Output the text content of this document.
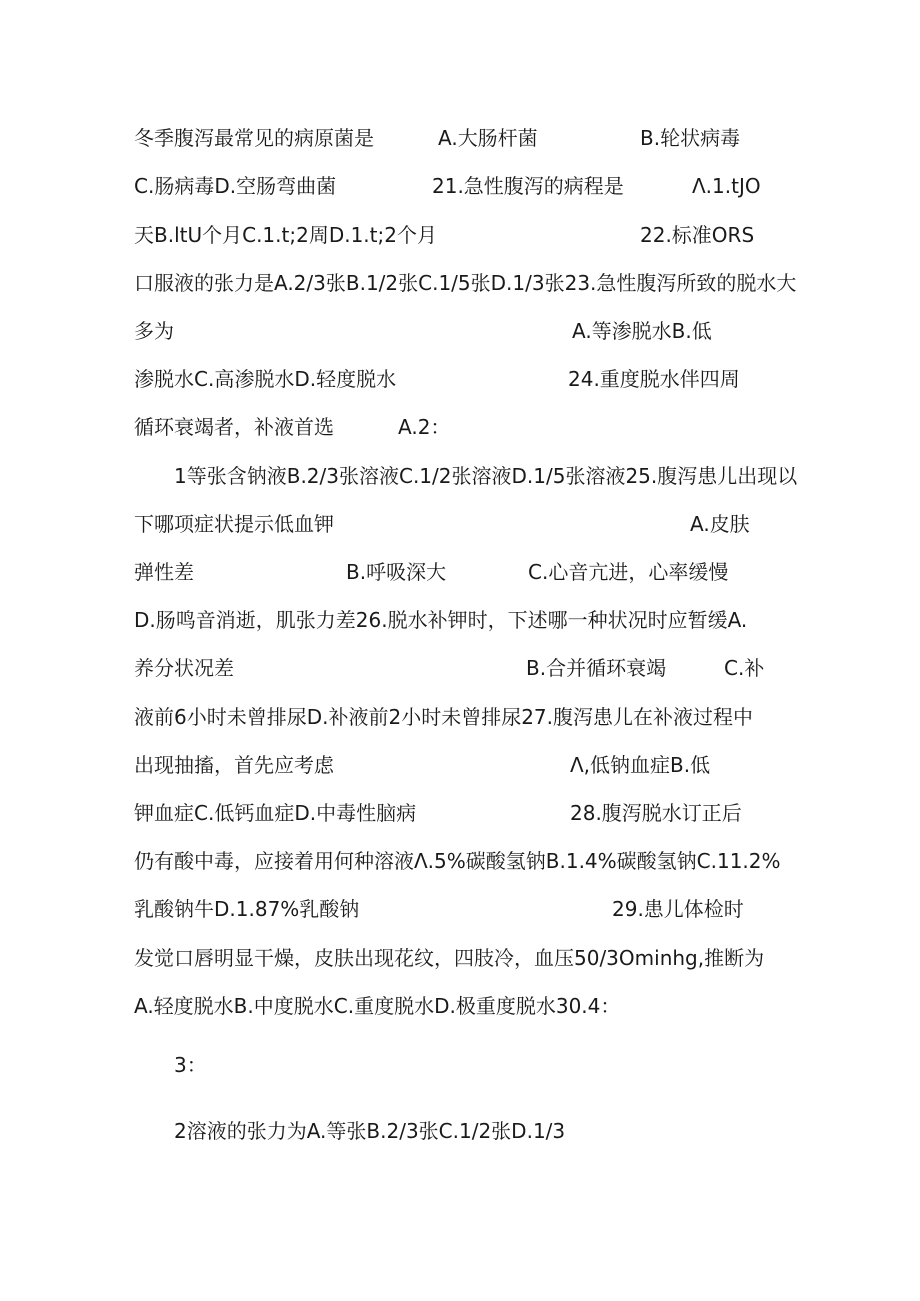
冬季腹泻最常见的病原菌是	A.大肠杆菌	B.轮状病毒
C.肠病毒D.空肠弯曲菌	21.急性腹泻的病程是	Λ.1.tJO
天B.ltU个月C.1.t;2周D.1.t;2个月	22.标准ORS
口服液的张力是A.2/3张B.1/2张C.1/5张D.1/3张23.急性腹泻所致的脱水大
多为	A.等渗脱水B.低
渗脱水C.高渗脱水D.轻度脱水	24.重度脱水伴四周
循环衰竭者，补液首选	A.2：
1等张含钠液B.2/3张溶液C.1/2张溶液D.1/5张溶液25.腹泻患儿出现以
下哪项症状提示低血钾	A.皮肤
弹性差	B.呼吸深大	C.心音亢进，心率缓慢
D.肠鸣音消逝，肌张力差26.脱水补钾时，下述哪一种状况时应暂缓A.
养分状况差	B.合并循环衰竭	C.补
液前6小时未曾排尿D.补液前2小时未曾排尿27.腹泻患儿在补液过程中
出现抽搐，首先应考虑	Λ,低钠血症B.低
钾血症C.低钙血症D.中毒性脑病	28.腹泻脱水订正后
仍有酸中毒，应接着用何种溶液Λ.5%碳酸氢钠B.1.4%碳酸氢钠C.11.2%
乳酸钠牛D.1.87%乳酸钠	29.患儿体检时
发觉口唇明显干燥，皮肤出现花纹，四肢冷，血压50/3Ominhg,推断为
A.轻度脱水B.中度脱水C.重度脱水D.极重度脱水30.4：
3：
2溶液的张力为A.等张B.2/3张C.1/2张D.1/3
